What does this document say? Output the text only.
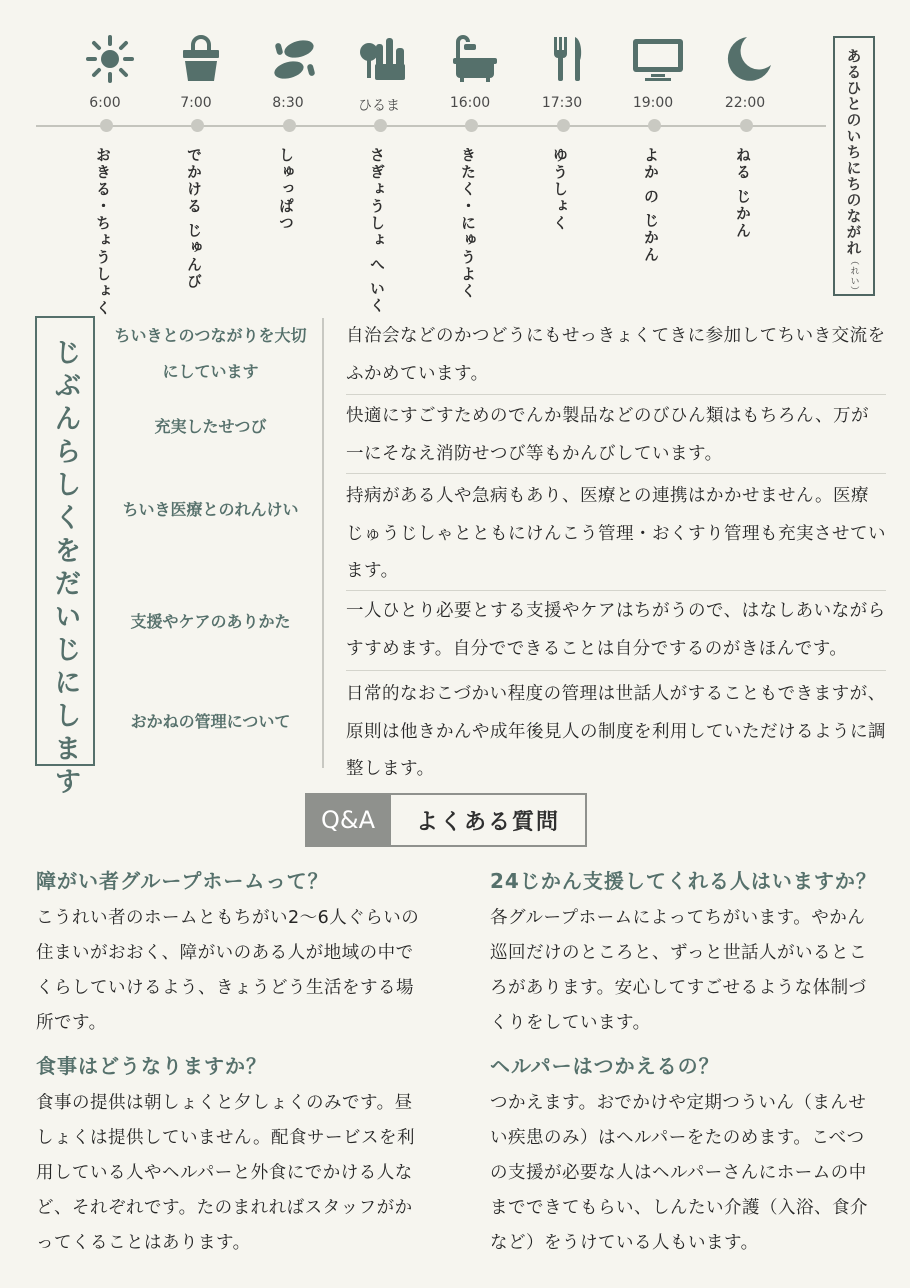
6:00
おきる・ちょうしょく
7:00
でかける じゅんび
8:30
しゅっぱつ
ひるま
さぎょうしょ へ いく
16:00
きたく・にゅうよく
17:30
ゆうしょく
19:00
よか の じかん
22:00
ねる じかん	あるひとのいちにちのながれ（れい）
じぶんらしくをだいじにします
ちいきとのつながりを大切にしています
自治会などのかつどうにもせっきょくてきに参加してちいき交流をふかめています。
充実したせつび
快適にすごすためのでんか製品などのびひん類はもちろん、万が一にそなえ消防せつび等もかんびしています。
ちいき医療とのれんけい
持病がある人や急病もあり、医療との連携はかかせません。医療じゅうじしゃとともにけんこう管理・おくすり管理も充実させています。
支援やケアのありかた
一人ひとり必要とする支援やケアはちがうので、はなしあいながらすすめます。自分でできることは自分でするのがきほんです。
おかねの管理について
日常的なおこづかい程度の管理は世話人がすることもできますが、原則は他きかんや成年後見人の制度を利用していただけるように調整します。
Q&A	よくある質問

障がい者グループホームって？

こうれい者のホームともちがい2〜6人ぐらいの住まいがおおく、障がいのある人が地域の中でくらしていけるよう、きょうどう生活をする場所です。

食事はどうなりますか？

食事の提供は朝しょくと夕しょくのみです。昼しょくは提供していません。配食サービスを利用している人やヘルパーと外食にでかける人など、それぞれです。たのまれればスタッフがかってくることはあります。

24じかん支援してくれる人はいますか？

各グループホームによってちがいます。やかん巡回だけのところと、ずっと世話人がいるところがあります。安心してすごせるような体制づくりをしています。

ヘルパーはつかえるの？

つかえます。おでかけや定期つういん（まんせい疾患のみ）はヘルパーをたのめます。こべつの支援が必要な人はヘルパーさんにホームの中までできてもらい、しんたい介護（入浴、食介など）をうけている人もいます。
